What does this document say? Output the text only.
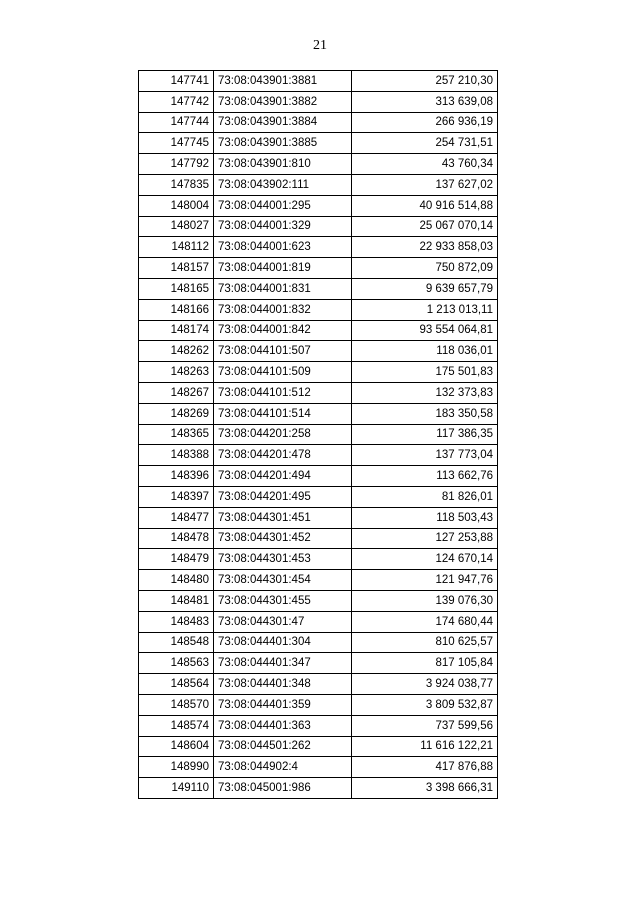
21
147741	73:08:043901:3881	257 210,30
147742	73:08:043901:3882	313 639,08
147744	73:08:043901:3884	266 936,19
147745	73:08:043901:3885	254 731,51
147792	73:08:043901:810	43 760,34
147835	73:08:043902:111	137 627,02
148004	73:08:044001:295	40 916 514,88
148027	73:08:044001:329	25 067 070,14
148112	73:08:044001:623	22 933 858,03
148157	73:08:044001:819	750 872,09
148165	73:08:044001:831	9 639 657,79
148166	73:08:044001:832	1 213 013,11
148174	73:08:044001:842	93 554 064,81
148262	73:08:044101:507	118 036,01
148263	73:08:044101:509	175 501,83
148267	73:08:044101:512	132 373,83
148269	73:08:044101:514	183 350,58
148365	73:08:044201:258	117 386,35
148388	73:08:044201:478	137 773,04
148396	73:08:044201:494	113 662,76
148397	73:08:044201:495	81 826,01
148477	73:08:044301:451	118 503,43
148478	73:08:044301:452	127 253,88
148479	73:08:044301:453	124 670,14
148480	73:08:044301:454	121 947,76
148481	73:08:044301:455	139 076,30
148483	73:08:044301:47	174 680,44
148548	73:08:044401:304	810 625,57
148563	73:08:044401:347	817 105,84
148564	73:08:044401:348	3 924 038,77
148570	73:08:044401:359	3 809 532,87
148574	73:08:044401:363	737 599,56
148604	73:08:044501:262	11 616 122,21
148990	73:08:044902:4	417 876,88
149110	73:08:045001:986	3 398 666,31
